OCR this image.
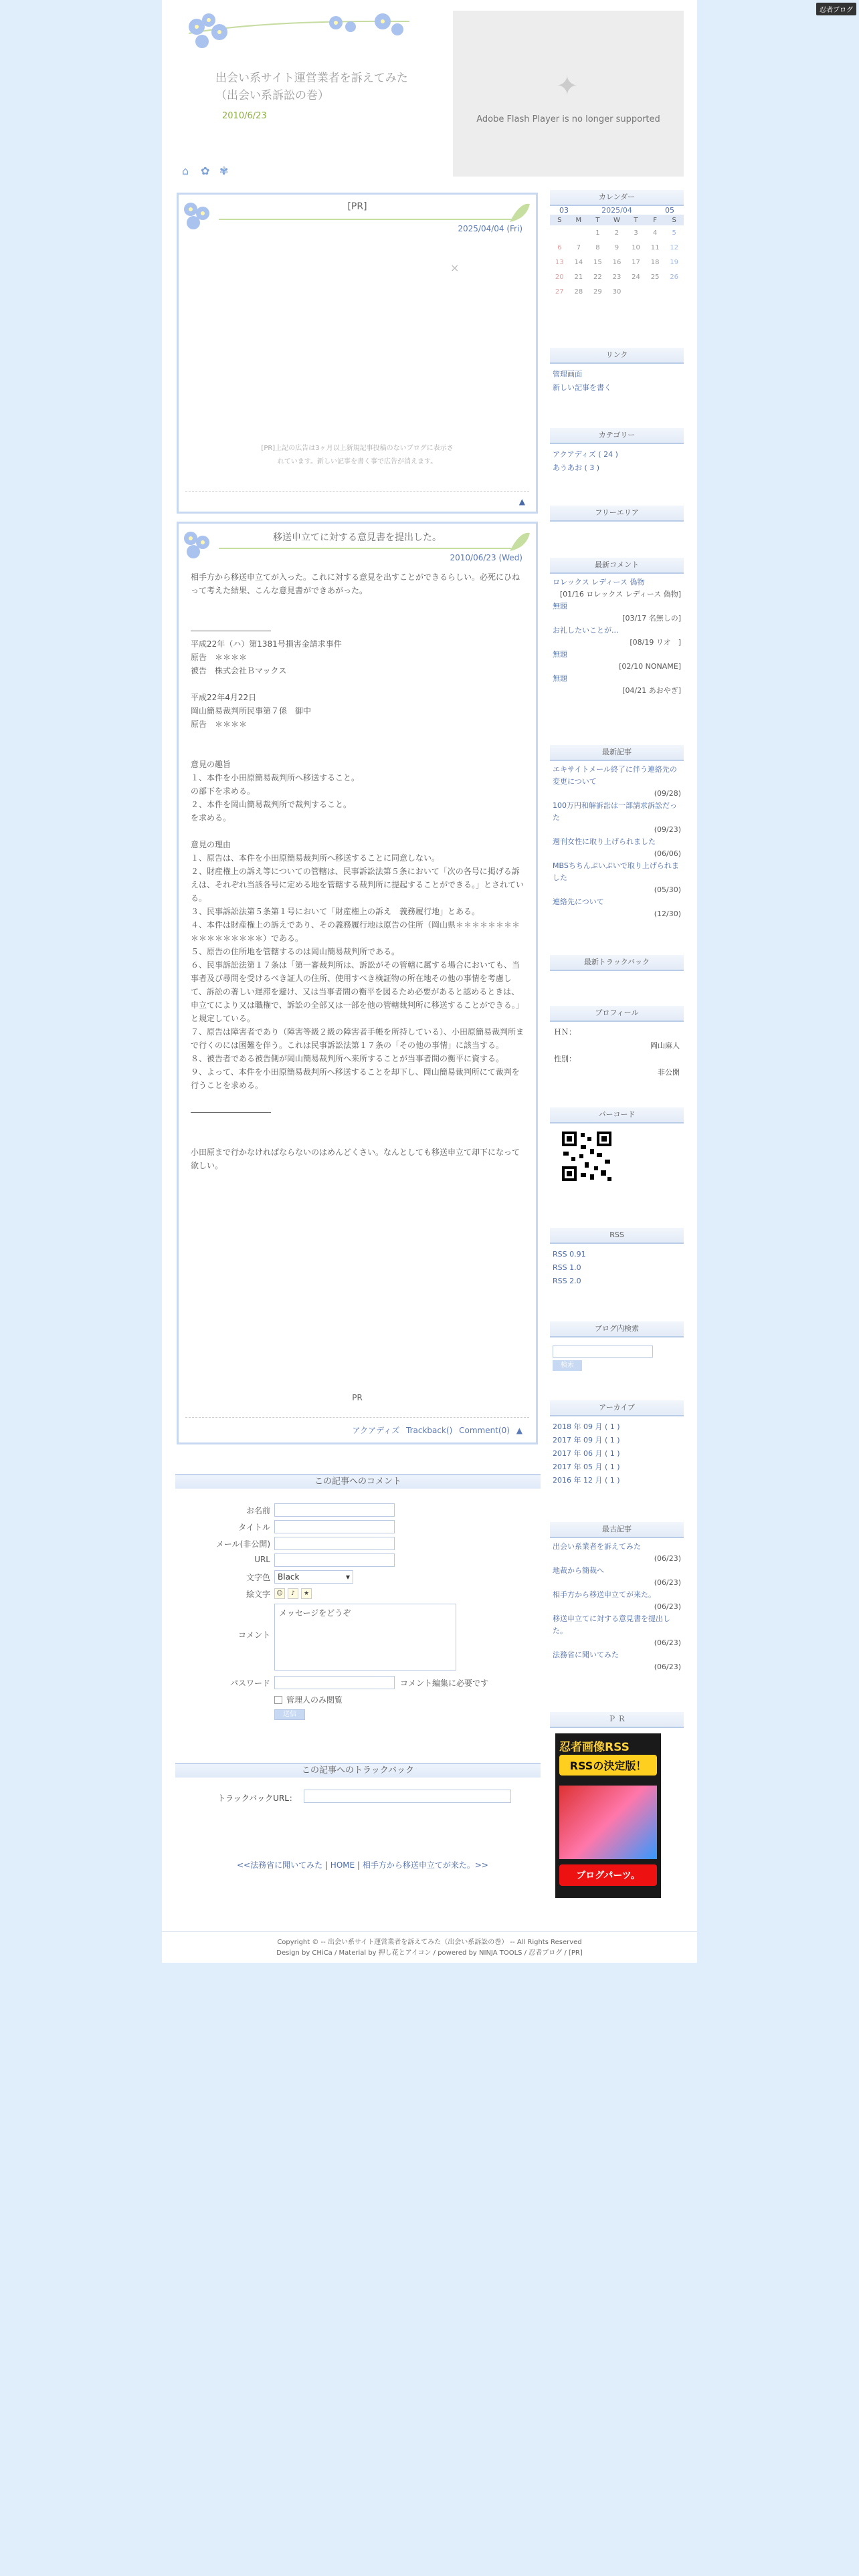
忍者ブログ
出会い系サイト運営業者を訴えてみた
（出会い系訴訟の巻）
2010/6/23
✦
Adobe Flash Player is no longer supported
⌂ ✿ ✾
[PR]
2025/04/04 (Fri)
×
[PR]上記の広告は3ヶ月以上新規記事投稿のないブログに表示さ
れています。新しい記事を書く事で広告が消えます。
▲
移送申立てに対する意見書を提出した。
2010/06/23 (Wed)

相手方から移送申立てが入った。これに対する意見を出すことができるらしい。必死にひねって考えた結果、こんな意見書ができあがった。

――――――――――

平成22年（ハ）第1381号損害金請求事件

原告　＊＊＊＊

被告　株式会社Ｂマックス

平成22年4月22日

岡山簡易裁判所民事第７係　御中

原告　＊＊＊＊

意見の趣旨

１、本件を小田原簡易裁判所へ移送すること。

の部下を求める。

２、本件を岡山簡易裁判所で裁判すること。

を求める。

意見の理由

１、原告は、本件を小田原簡易裁判所へ移送することに同意しない。

２、財産権上の訴え等についての管轄は、民事訴訟法第５条において「次の各号に掲げる訴えは、それぞれ当該各号に定める地を管轄する裁判所に提起することができる。」とされている。

３、民事訴訟法第５条第１号において「財産権上の訴え　義務履行地」とある。

４、本件は財産権上の訴えであり、その義務履行地は原告の住所（岡山県＊＊＊＊＊＊＊＊＊＊＊＊＊＊＊＊＊）である。

５、原告の住所地を管轄するのは岡山簡易裁判所である。

６、民事訴訟法第１７条は「第一審裁判所は、訴訟がその管轄に属する場合においても、当事者及び尋問を受けるべき証人の住所、使用すべき検証物の所在地その他の事情を考慮して、訴訟の著しい遅滞を避け、又は当事者間の衡平を図るため必要があると認めるときは、申立てにより又は職権で、訴訟の全部又は一部を他の管轄裁判所に移送することができる。」と規定している。

７、原告は障害者であり（障害等級２級の障害者手帳を所持している）、小田原簡易裁判所まで行くのには困難を伴う。これは民事訴訟法第１７条の「その他の事情」に該当する。

８、被告者である被告側が岡山簡易裁判所へ来所することが当事者間の衡平に資する。

９、よって、本件を小田原簡易裁判所へ移送することを却下し、岡山簡易裁判所にて裁判を行うことを求める。

――――――――――

小田原まで行かなければならないのはめんどくさい。なんとしても移送申立て却下になって欲しい。

PR
アクアディズ Trackback() Comment(0) ▲
この記事へのコメント
お名前
タイトル
メール(非公開)
URL
文字色 Black	▾
絵文字	☺ ♪ ★
コメント
メッセージをどうぞ
パスワード	コメント編集に必要です
管理人のみ閲覧
送信
この記事へのトラックバック
トラックバックURL：
<<法務省に聞いてみた | HOME | 相手方から移送申立てが来た。>>
Copyright © -- 出会い系サイト運営業者を訴えてみた（出会い系訴訟の巻） -- All Rights Reserved
Design by CHiCa / Material by 押し花とアイコン / powered by NINJA TOOLS / 忍者ブログ / [PR]
カレンダー
03	2025/04	05
S	M	T	W	T	F	S
		1	2	3	4	5
6	7	8	9	10	11	12
13	14	15	16	17	18	19
20	21	22	23	24	25	26
27	28	29	30			
リンク
管理画面
新しい記事を書く
カテゴリー
アクアディズ ( 24 )
あうあお ( 3 )
フリーエリア
最新コメント
ロレックス レディース 偽物
[01/16 ロレックス レディース 偽物]
無題
[03/17 名無しの]
お礼したいことが...
[08/19 リオ　]
無題
[02/10 NONAME]
無題
[04/21 あおやぎ]
最新記事
エキサイトメール終了に伴う連絡先の変更について
(09/28)
100万円和解訴訟は一部請求訴訟だった
(09/23)
週刊女性に取り上げられました
(06/06)
MBSちちんぷいぷいで取り上げられました
(05/30)
連絡先について
(12/30)
最新トラックバック
プロフィール
ＨＮ：
岡山麻人
性別：
非公開
バーコード
RSS
RSS 0.91
RSS 1.0
RSS 2.0
ブログ内検索
検索
アーカイブ
2018 年 09 月 ( 1 )
2017 年 09 月 ( 1 )
2017 年 06 月 ( 1 )
2017 年 05 月 ( 1 )
2016 年 12 月 ( 1 )
最古記事
出会い系業者を訴えてみた
(06/23)
地裁から簡裁へ
(06/23)
相手方から移送申立てが来た。
(06/23)
移送申立てに対する意見書を提出した。
(06/23)
法務省に聞いてみた
(06/23)
Ｐ Ｒ
忍者画像RSS
RSSの決定版！
ブログパーツ。
